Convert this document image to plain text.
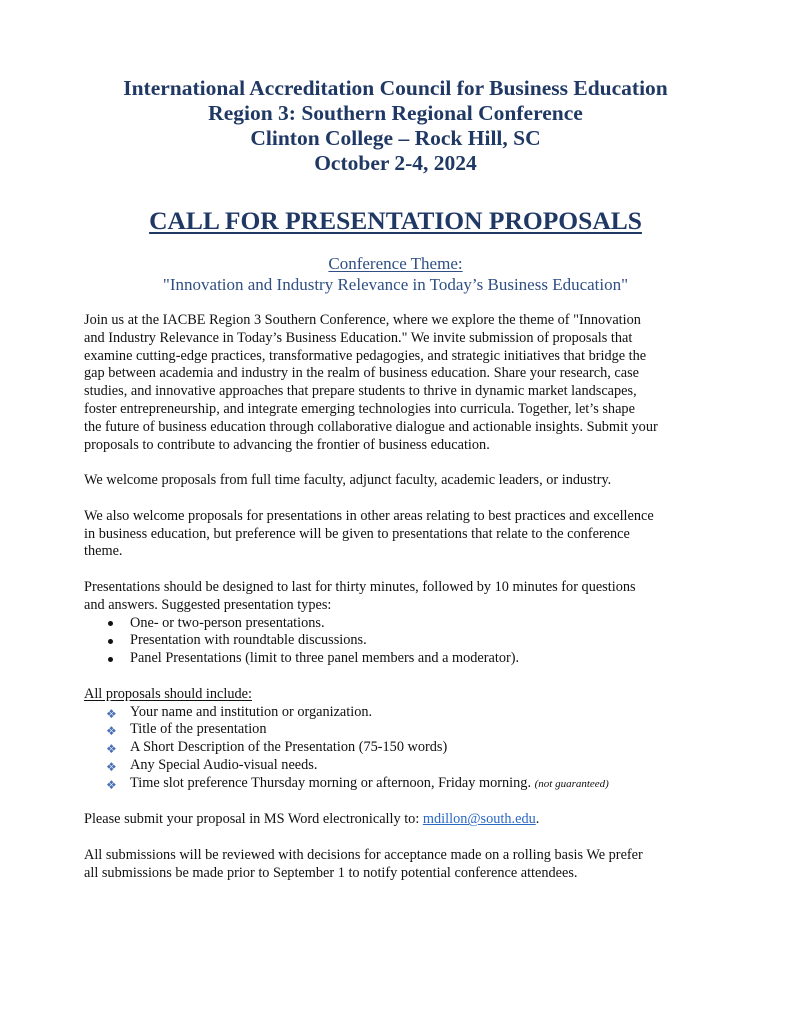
International Accreditation Council for Business Education
Region 3: Southern Regional Conference
Clinton College – Rock Hill, SC
October 2-4, 2024
CALL FOR PRESENTATION PROPOSALS
Conference Theme:
"Innovation and Industry Relevance in Today’s Business Education"

Join us at the IACBE Region 3 Southern Conference, where we explore the theme of "Innovation
and Industry Relevance in Today’s Business Education." We invite submission of proposals that
examine cutting-edge practices, transformative pedagogies, and strategic initiatives that bridge the
gap between academia and industry in the realm of business education. Share your research, case
studies, and innovative approaches that prepare students to thrive in dynamic market landscapes,
foster entrepreneurship, and integrate emerging technologies into curricula. Together, let’s shape
the future of business education through collaborative dialogue and actionable insights. Submit your
proposals to contribute to advancing the frontier of business education.

We welcome proposals from full time faculty, adjunct faculty, academic leaders, or industry.

We also welcome proposals for presentations in other areas relating to best practices and excellence
in business education, but preference will be given to presentations that relate to the conference
theme.

Presentations should be designed to last for thirty minutes, followed by 10 minutes for questions
and answers. Suggested presentation types:

One- or two-person presentations.
Presentation with roundtable discussions.
Panel Presentations (limit to three panel members and a moderator).

All proposals should include:

❖ Your name and institution or organization.
❖ Title of the presentation
❖ A Short Description of the Presentation (75-150 words)
❖ Any Special Audio-visual needs.
❖ Time slot preference Thursday morning or afternoon, Friday morning. (not guaranteed)

Please submit your proposal in MS Word electronically to: mdillon@south.edu.

All submissions will be reviewed with decisions for acceptance made on a rolling basis We prefer
all submissions be made prior to September 1 to notify potential conference attendees.
